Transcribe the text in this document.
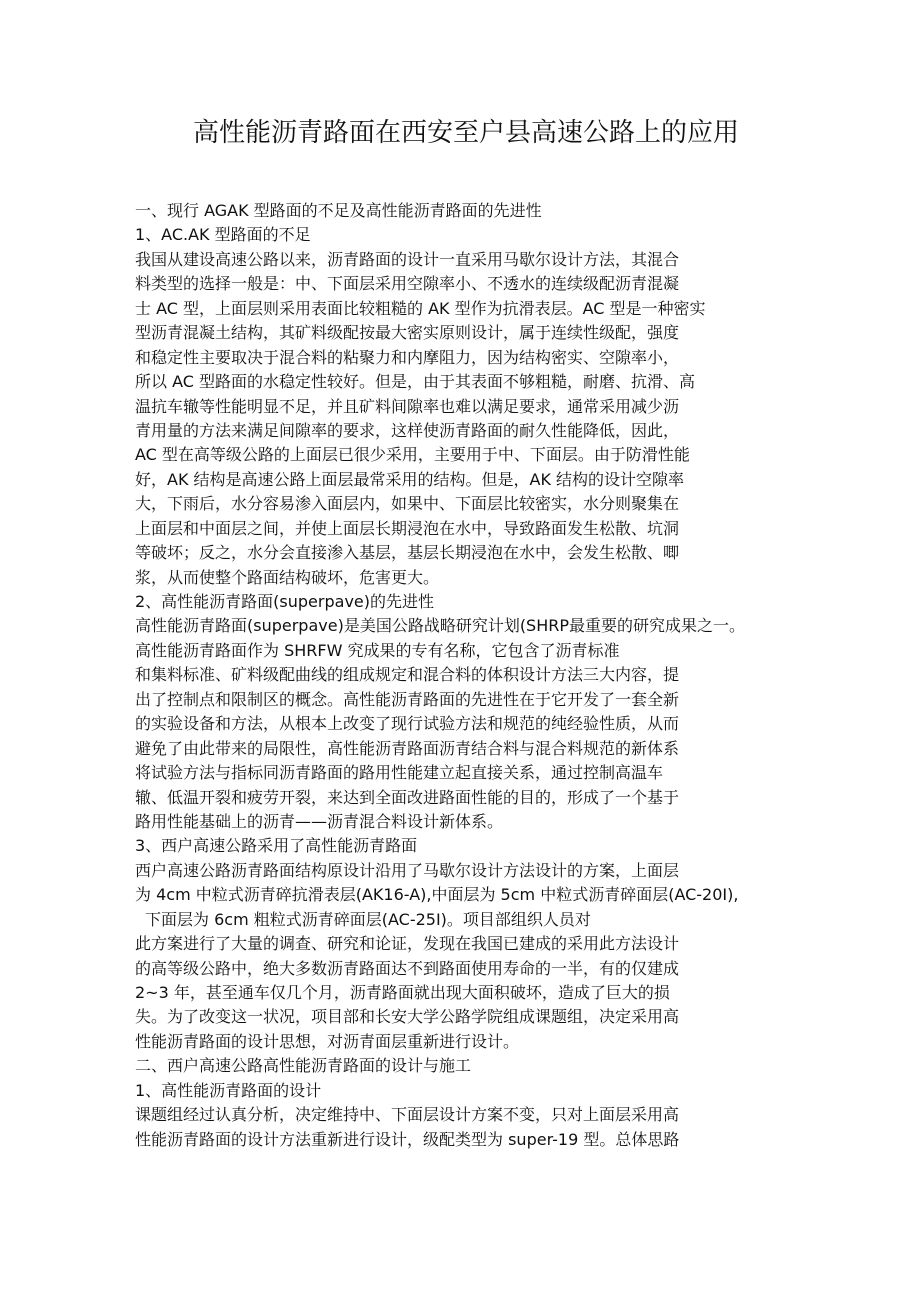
高性能沥青路面在西安至户县高速公路上的应用
一、现行 AGAK 型路面的不足及高性能沥青路面的先进性
1、AC.AK 型路面的不足
我国从建设高速公路以来，沥青路面的设计一直采用马歇尔设计方法，其混合
料类型的选择一般是：中、下面层采用空隙率小、不透水的连续级配沥青混凝
士 AC 型，上面层则采用表面比较粗糙的 AK 型作为抗滑表层。AC 型是一种密实
型沥青混凝土结构，其矿料级配按最大密实原则设计，属于连续性级配，强度
和稳定性主要取决于混合料的粘聚力和内摩阻力，因为结构密实、空隙率小，
所以 AC 型路面的水稳定性较好。但是，由于其表面不够粗糙，耐磨、抗滑、高
温抗车辙等性能明显不足，并且矿料间隙率也难以满足要求，通常采用减少沥
青用量的方法来满足间隙率的要求，这样使沥青路面的耐久性能降低，因此，
AC 型在高等级公路的上面层已很少采用，主要用于中、下面层。由于防滑性能
好，AK 结构是高速公路上面层最常采用的结构。但是，AK 结构的设计空隙率
大，下雨后，水分容易渗入面层内，如果中、下面层比较密实，水分则聚集在
上面层和中面层之间，并使上面层长期浸泡在水中，导致路面发生松散、坑洞
等破坏；反之，水分会直接渗入基层，基层长期浸泡在水中，会发生松散、唧
浆，从而使整个路面结构破坏，危害更大。
2、高性能沥青路面(superpave)的先进性
高性能沥青路面(superpave)是美国公路战略研究计划(SHRP最重要的研究成果之一。
高性能沥青路面作为 SHRFW 究成果的专有名称，它包含了沥青标准
和集料标准、矿料级配曲线的组成规定和混合料的体积设计方法三大内容，提
出了控制点和限制区的概念。高性能沥青路面的先进性在于它开发了一套全新
的实验设备和方法，从根本上改变了现行试验方法和规范的纯经验性质，从而
避免了由此带来的局限性，高性能沥青路面沥青结合料与混合料规范的新体系
将试验方法与指标同沥青路面的路用性能建立起直接关系，通过控制高温车
辙、低温开裂和疲劳开裂，来达到全面改进路面性能的目的，形成了一个基于
路用性能基础上的沥青——沥青混合料设计新体系。
3、西户高速公路采用了高性能沥青路面
西户高速公路沥青路面结构原设计沿用了马歇尔设计方法设计的方案，上面层
为 4cm 中粒式沥青碎抗滑表层(AK16-A),中面层为 5cm 中粒式沥青碎面层(AC-20I),
下面层为 6cm 粗粒式沥青碎面层(AC-25I)。项目部组织人员对
此方案进行了大量的调查、研究和论证，发现在我国已建成的采用此方法设计
的高等级公路中，绝大多数沥青路面达不到路面使用寿命的一半，有的仅建成
2~3 年，甚至通车仅几个月，沥青路面就出现大面积破坏，造成了巨大的损
失。为了改变这一状况，项目部和长安大学公路学院组成课题组，决定采用高
性能沥青路面的设计思想，对沥青面层重新进行设计。
二、西户高速公路高性能沥青路面的设计与施工
1、高性能沥青路面的设计
课题组经过认真分析，决定维持中、下面层设计方案不变，只对上面层采用高
性能沥青路面的设计方法重新进行设计，级配类型为 super-19 型。总体思路
